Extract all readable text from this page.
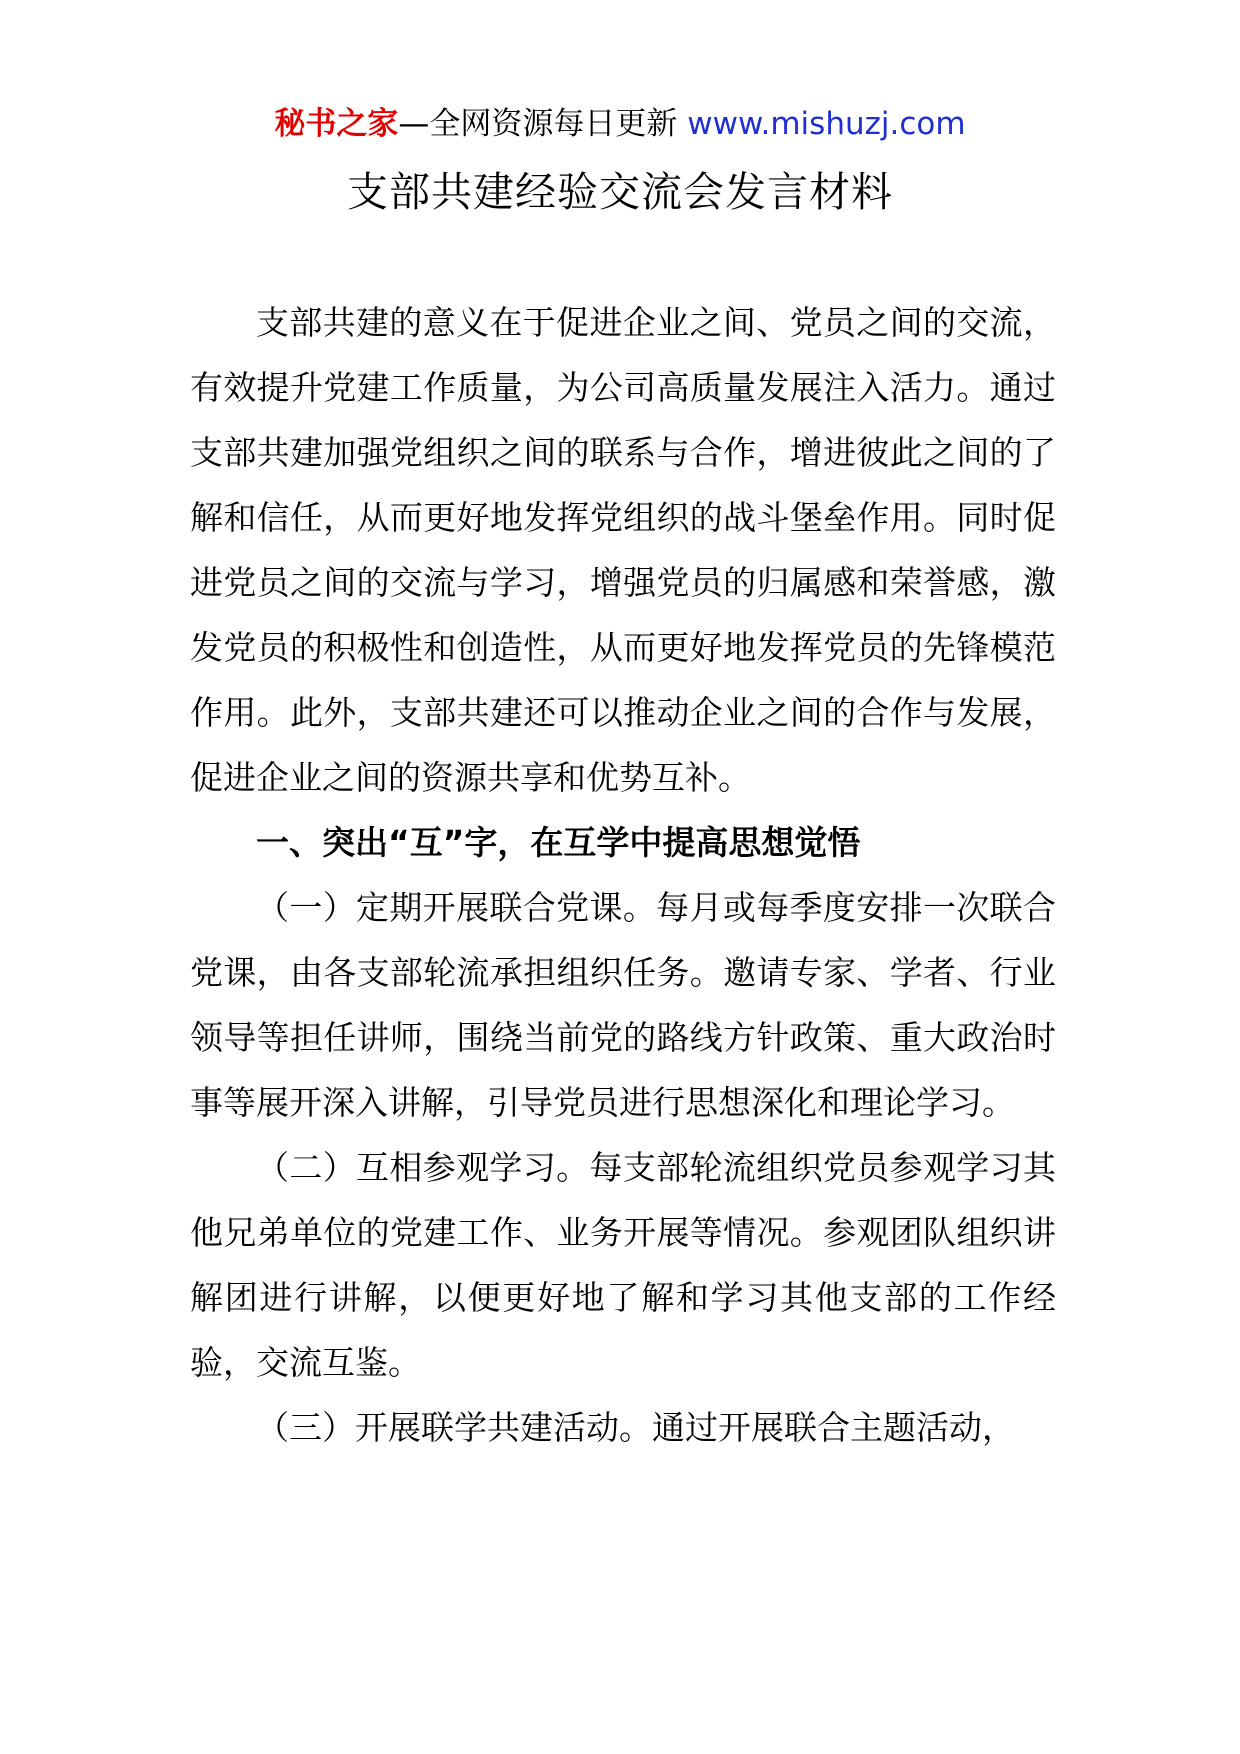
秘书之家—全网资源每日更新 www.mishuzj.com
支部共建经验交流会发言材料

支部共建的意义在于促进企业之间、党员之间的交流，有效提升党建工作质量，为公司高质量发展注入活力。通过支部共建加强党组织之间的联系与合作，增进彼此之间的了解和信任，从而更好地发挥党组织的战斗堡垒作用。同时促进党员之间的交流与学习，增强党员的归属感和荣誉感，激发党员的积极性和创造性，从而更好地发挥党员的先锋模范作用。此外，支部共建还可以推动企业之间的合作与发展，促进企业之间的资源共享和优势互补。

一、突出“互”字，在互学中提高思想觉悟

（一）定期开展联合党课。每月或每季度安排一次联合党课，由各支部轮流承担组织任务。邀请专家、学者、行业领导等担任讲师，围绕当前党的路线方针政策、重大政治时事等展开深入讲解，引导党员进行思想深化和理论学习。

（二）互相参观学习。每支部轮流组织党员参观学习其他兄弟单位的党建工作、业务开展等情况。参观团队组织讲解团进行讲解，以便更好地了解和学习其他支部的工作经验，交流互鉴。

（三）开展联学共建活动。通过开展联合主题活动，
